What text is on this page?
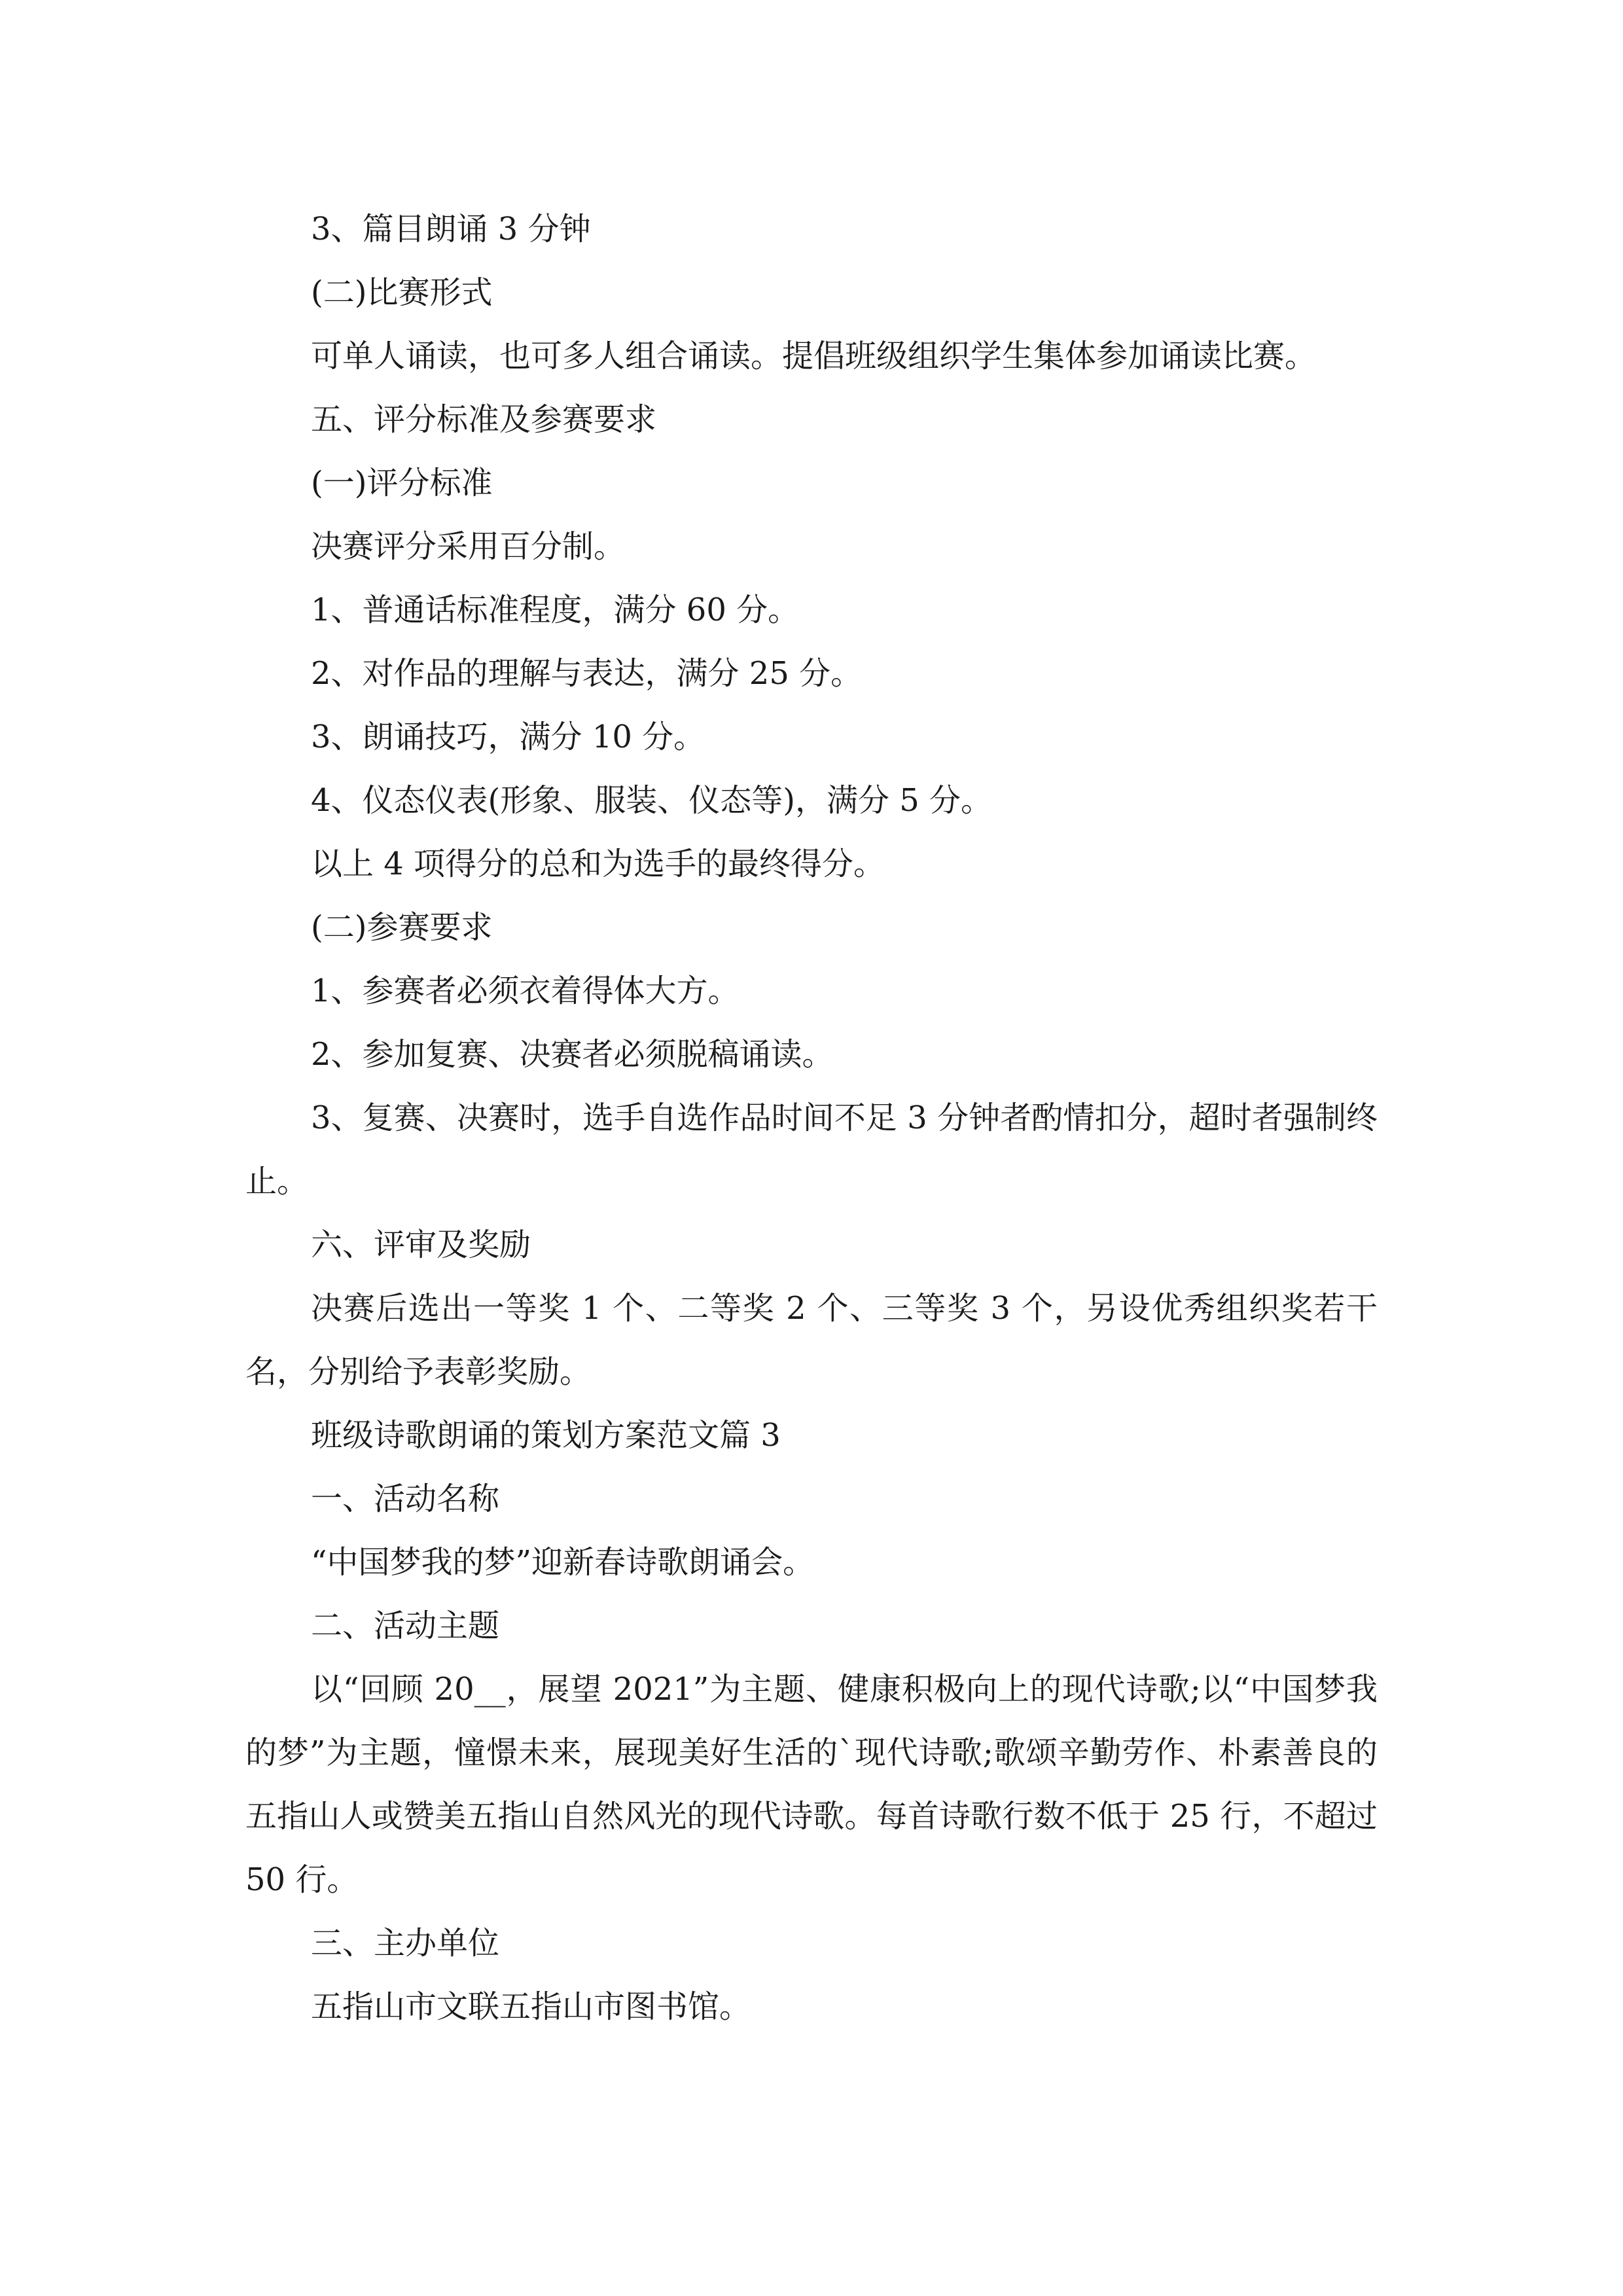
3、篇目朗诵 3 分钟

(二)比赛形式

可单人诵读，也可多人组合诵读。提倡班级组织学生集体参加诵读比赛。

五、评分标准及参赛要求

(一)评分标准

决赛评分采用百分制。

1、普通话标准程度，满分 60 分。

2、对作品的理解与表达，满分 25 分。

3、朗诵技巧，满分 10 分。

4、仪态仪表(形象、服装、仪态等)，满分 5 分。

以上 4 项得分的总和为选手的最终得分。

(二)参赛要求

1、参赛者必须衣着得体大方。

2、参加复赛、决赛者必须脱稿诵读。

3、复赛、决赛时，选手自选作品时间不足 3 分钟者酌情扣分，超时者强制终止。

六、评审及奖励

决赛后选出一等奖 1 个、二等奖 2 个、三等奖 3 个，另设优秀组织奖若干名，分别给予表彰奖励。

班级诗歌朗诵的策划方案范文篇 3

一、活动名称

“中国梦我的梦”迎新春诗歌朗诵会。

二、活动主题

以“回顾 20__，展望 2021”为主题、健康积极向上的现代诗歌;以“中国梦我的梦”为主题，憧憬未来，展现美好生活的`现代诗歌;歌颂辛勤劳作、朴素善良的五指山人或赞美五指山自然风光的现代诗歌。每首诗歌行数不低于 25 行，不超过 50 行。

三、主办单位

五指山市文联五指山市图书馆。
